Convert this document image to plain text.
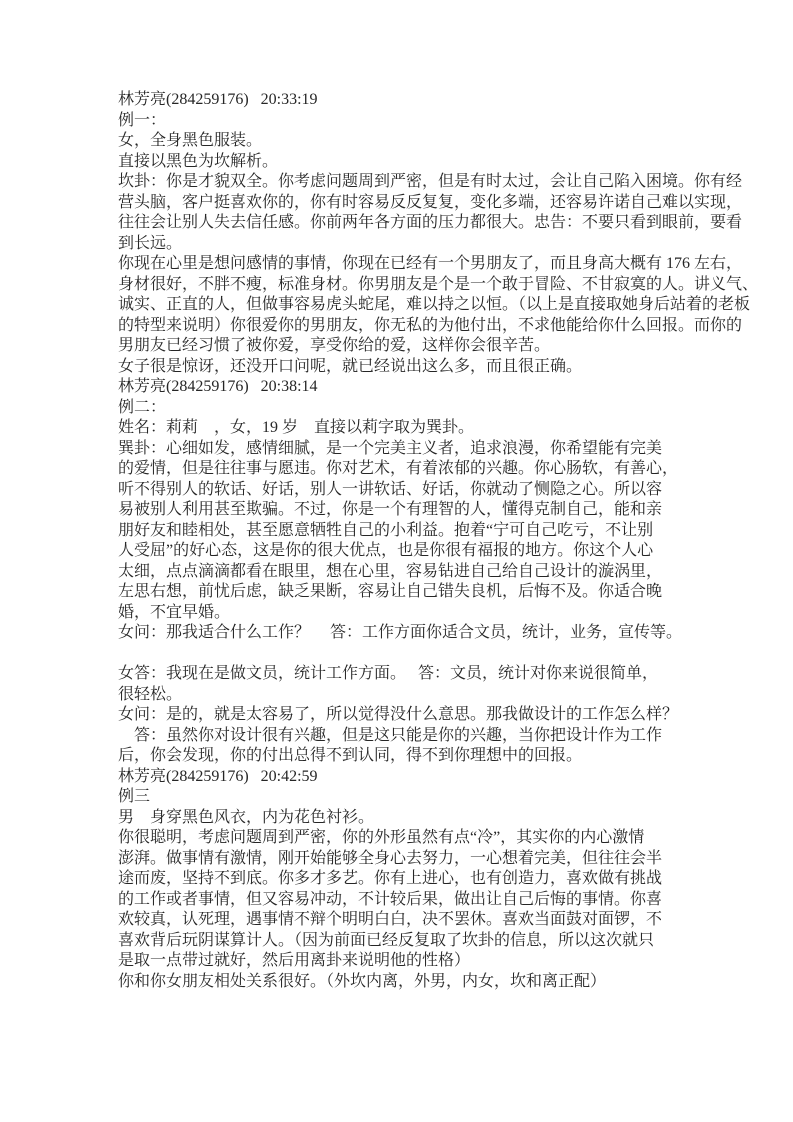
林芳亮(284259176)   20:33:19
例一：
女，全身黑色服装。
直接以黑色为坎解析。
坎卦：你是才貌双全。你考虑问题周到严密，但是有时太过，会让自己陷入困境。你有经
营头脑，客户挺喜欢你的，你有时容易反反复复，变化多端，还容易许诺自己难以实现，
往往会让别人失去信任感。你前两年各方面的压力都很大。忠告：不要只看到眼前，要看
到长远。
你现在心里是想问感情的事情，你现在已经有一个男朋友了，而且身高大概有 176 左右，
身材很好，不胖不瘦，标准身材。你男朋友是个是一个敢于冒险、不甘寂寞的人。讲义气、
诚实、正直的人，但做事容易虎头蛇尾，难以持之以恒。（以上是直接取她身后站着的老板
的特型来说明）你很爱你的男朋友，你无私的为他付出，不求他能给你什么回报。而你的
男朋友已经习惯了被你爱，享受你给的爱，这样你会很辛苦。
女子很是惊讶，还没开口问呢，就已经说出这么多，而且很正确。
林芳亮(284259176)   20:38:14
例二：
姓名：莉莉　，女，19 岁　直接以莉字取为巽卦。
巽卦：心细如发，感情细腻，是一个完美主义者，追求浪漫，你希望能有完美
的爱情，但是往往事与愿违。你对艺术，有着浓郁的兴趣。你心肠软，有善心，
听不得别人的软话、好话，别人一讲软话、好话，你就动了恻隐之心。所以容
易被别人利用甚至欺骗。不过，你是一个有理智的人，懂得克制自己，能和亲
朋好友和睦相处，甚至愿意牺牲自己的小利益。抱着“宁可自己吃亏，不让别
人受屈”的好心态，这是你的很大优点，也是你很有福报的地方。你这个人心
太细，点点滴滴都看在眼里，想在心里，容易钻进自己给自己设计的漩涡里，
左思右想，前忧后虑，缺乏果断，容易让自己错失良机，后悔不及。你适合晚
婚，不宜早婚。
女问：那我适合什么工作？　 答：工作方面你适合文员，统计，业务，宣传等。
女答：我现在是做文员，统计工作方面。　 答：文员，统计对你来说很简单，
很轻松。
女问：是的，就是太容易了，所以觉得没什么意思。那我做设计的工作怎么样？
　答：虽然你对设计很有兴趣，但是这只能是你的兴趣，当你把设计作为工作
后，你会发现，你的付出总得不到认同，得不到你理想中的回报。
林芳亮(284259176)   20:42:59
例三
男　身穿黑色风衣，内为花色衬衫。
你很聪明，考虑问题周到严密，你的外形虽然有点“冷”，其实你的内心激情
澎湃。做事情有激情，刚开始能够全身心去努力，一心想着完美，但往往会半
途而废，坚持不到底。你多才多艺。你有上进心，也有创造力，喜欢做有挑战
的工作或者事情，但又容易冲动，不计较后果，做出让自己后悔的事情。你喜
欢较真，认死理，遇事情不辩个明明白白，决不罢休。喜欢当面鼓对面锣，不
喜欢背后玩阴谋算计人。（因为前面已经反复取了坎卦的信息，所以这次就只
是取一点带过就好，然后用离卦来说明他的性格）
你和你女朋友相处关系很好。（外坎内离，外男，内女，坎和离正配）
